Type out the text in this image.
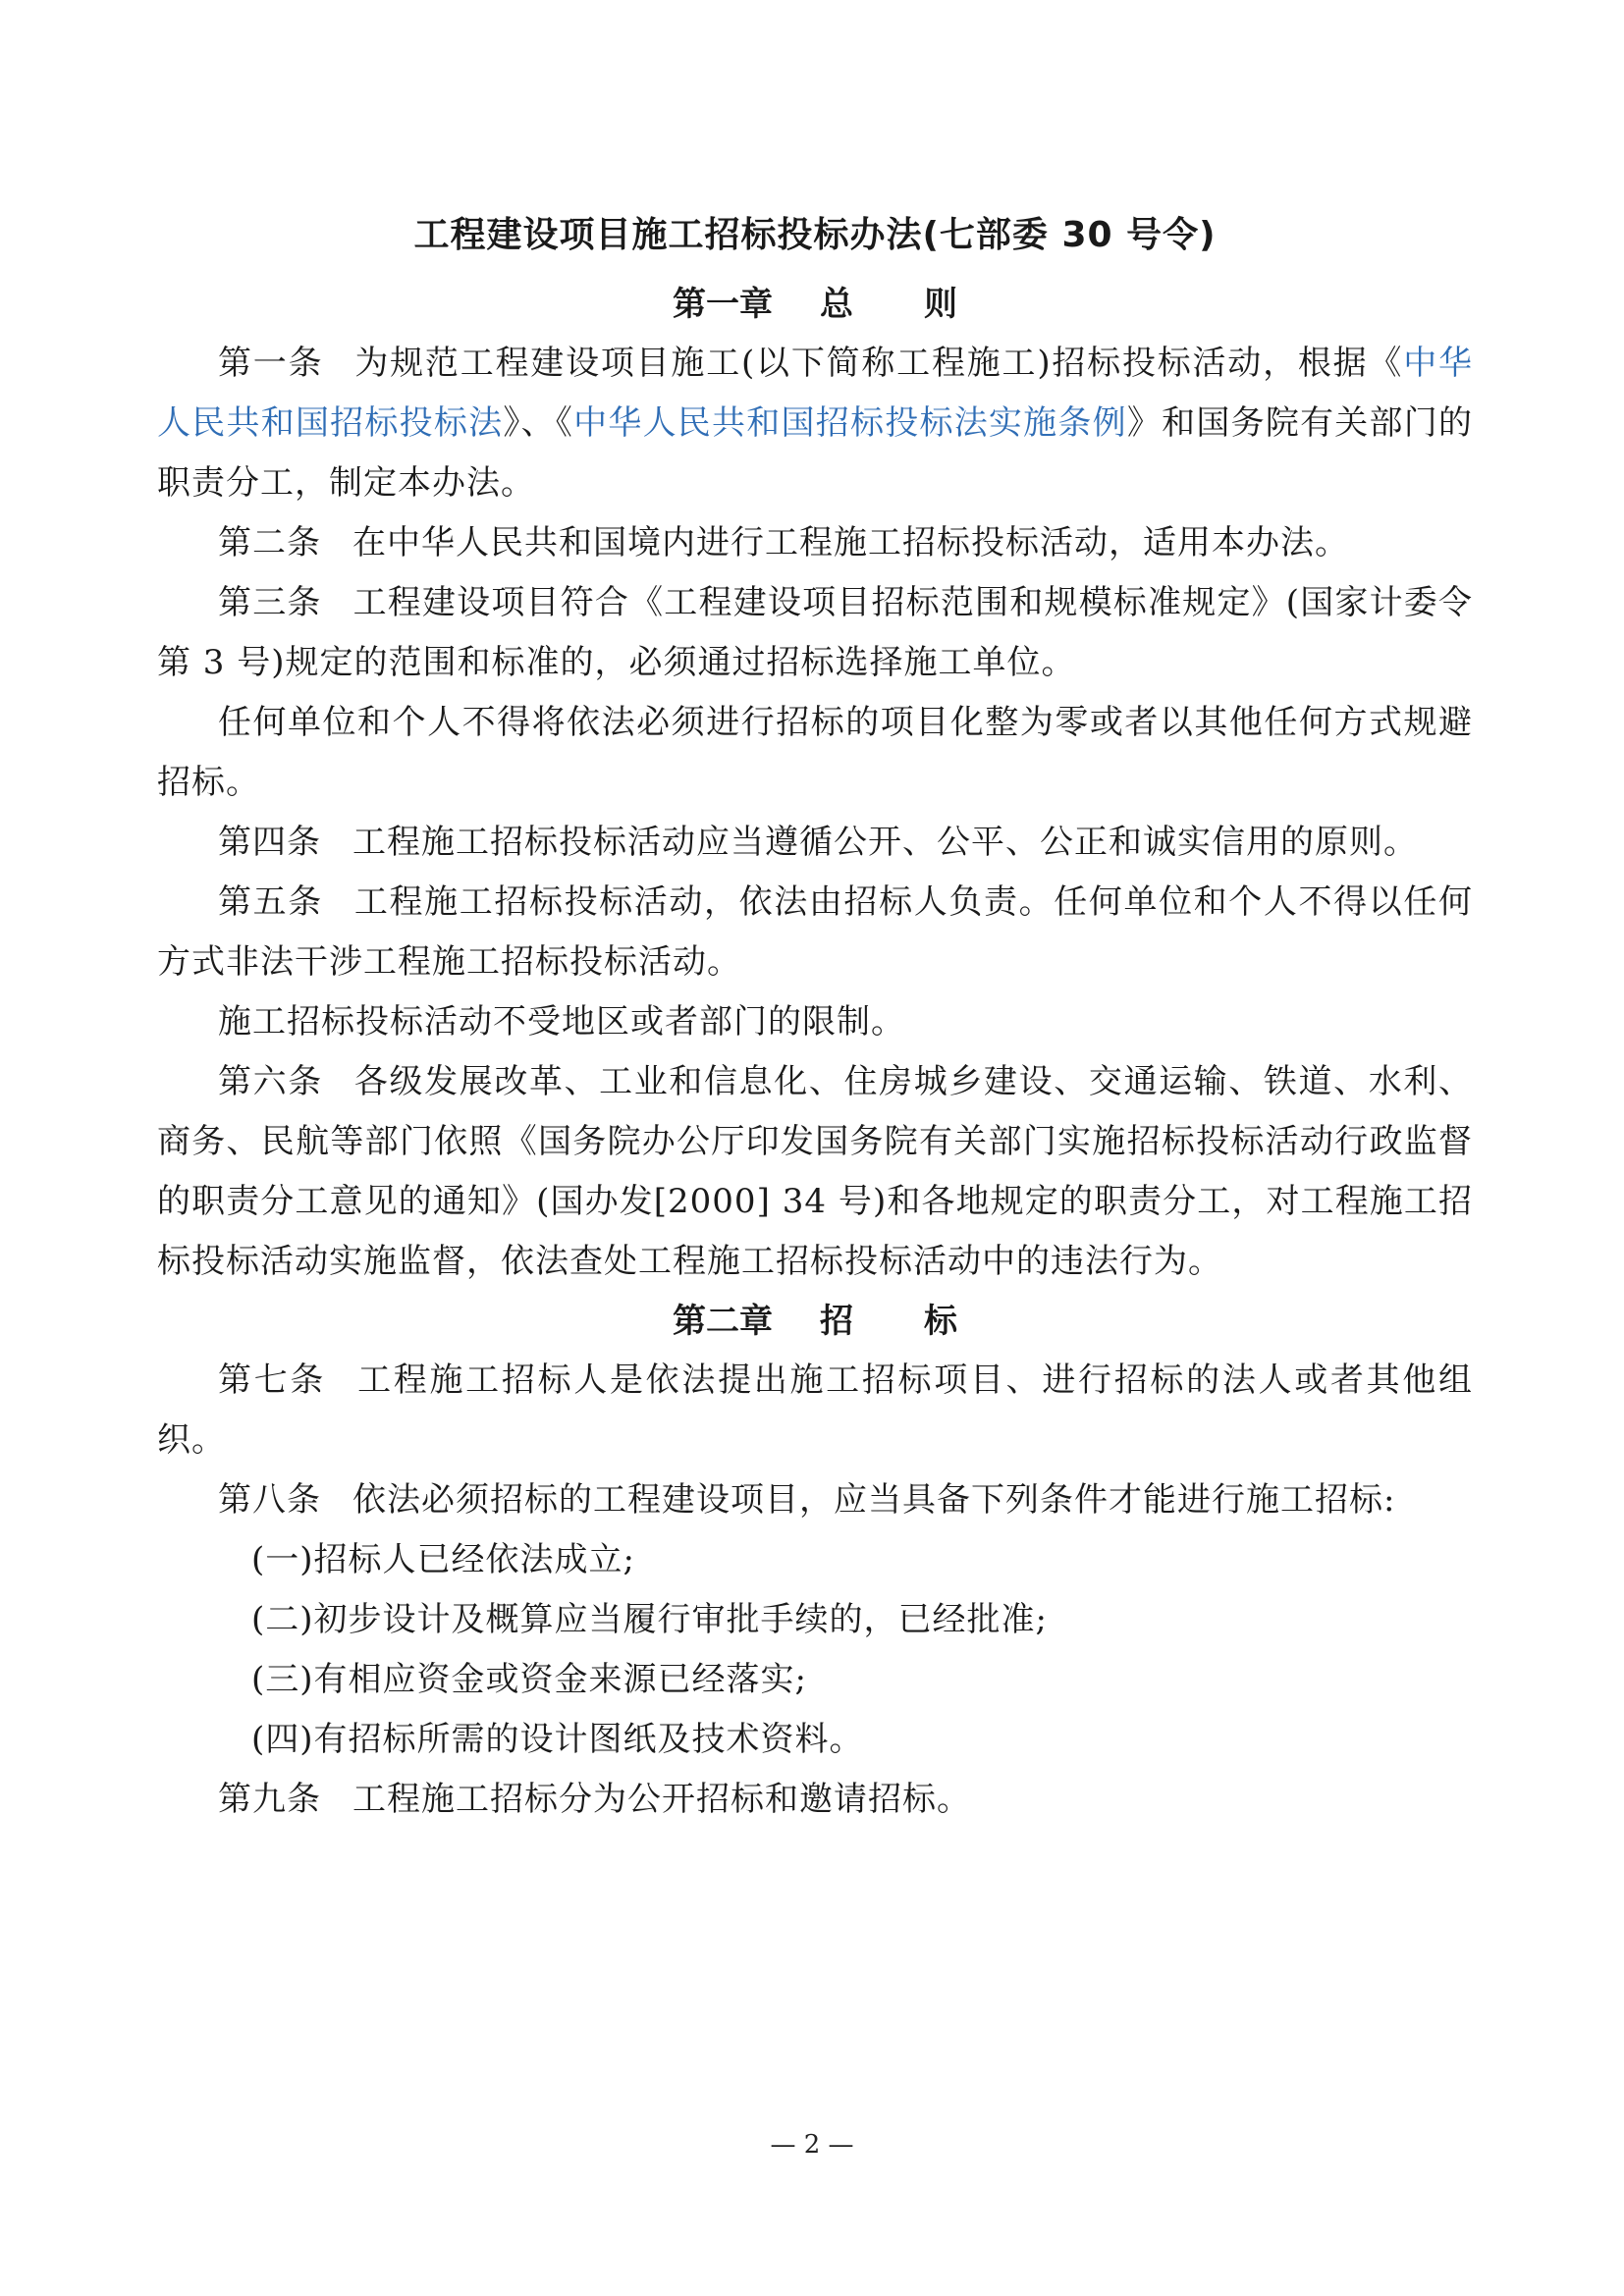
工程建设项目施工招标投标办法(七部委 30 号令)
第一章 总 则

第一条 为规范工程建设项目施工(以下简称工程施工)招标投标活动，根据《中华人民共和国招标投标法》、《中华人民共和国招标投标法实施条例》和国务院有关部门的职责分工，制定本办法。

第二条 在中华人民共和国境内进行工程施工招标投标活动，适用本办法。

第三条 工程建设项目符合《工程建设项目招标范围和规模标准规定》(国家计委令第 3 号)规定的范围和标准的，必须通过招标选择施工单位。

任何单位和个人不得将依法必须进行招标的项目化整为零或者以其他任何方式规避招标。

第四条 工程施工招标投标活动应当遵循公开、公平、公正和诚实信用的原则。

第五条 工程施工招标投标活动，依法由招标人负责。任何单位和个人不得以任何方式非法干涉工程施工招标投标活动。

施工招标投标活动不受地区或者部门的限制。

第六条 各级发展改革、工业和信息化、住房城乡建设、交通运输、铁道、水利、商务、民航等部门依照《国务院办公厅印发国务院有关部门实施招标投标活动行政监督的职责分工意见的通知》(国办发[2000] 34 号)和各地规定的职责分工，对工程施工招标投标活动实施监督，依法查处工程施工招标投标活动中的违法行为。

第二章 招 标

第七条 工程施工招标人是依法提出施工招标项目、进行招标的法人或者其他组织。

第八条 依法必须招标的工程建设项目，应当具备下列条件才能进行施工招标:

(一)招标人已经依法成立;

(二)初步设计及概算应当履行审批手续的，已经批准;

(三)有相应资金或资金来源已经落实;

(四)有招标所需的设计图纸及技术资料。

第九条 工程施工招标分为公开招标和邀请招标。

— 2 —
